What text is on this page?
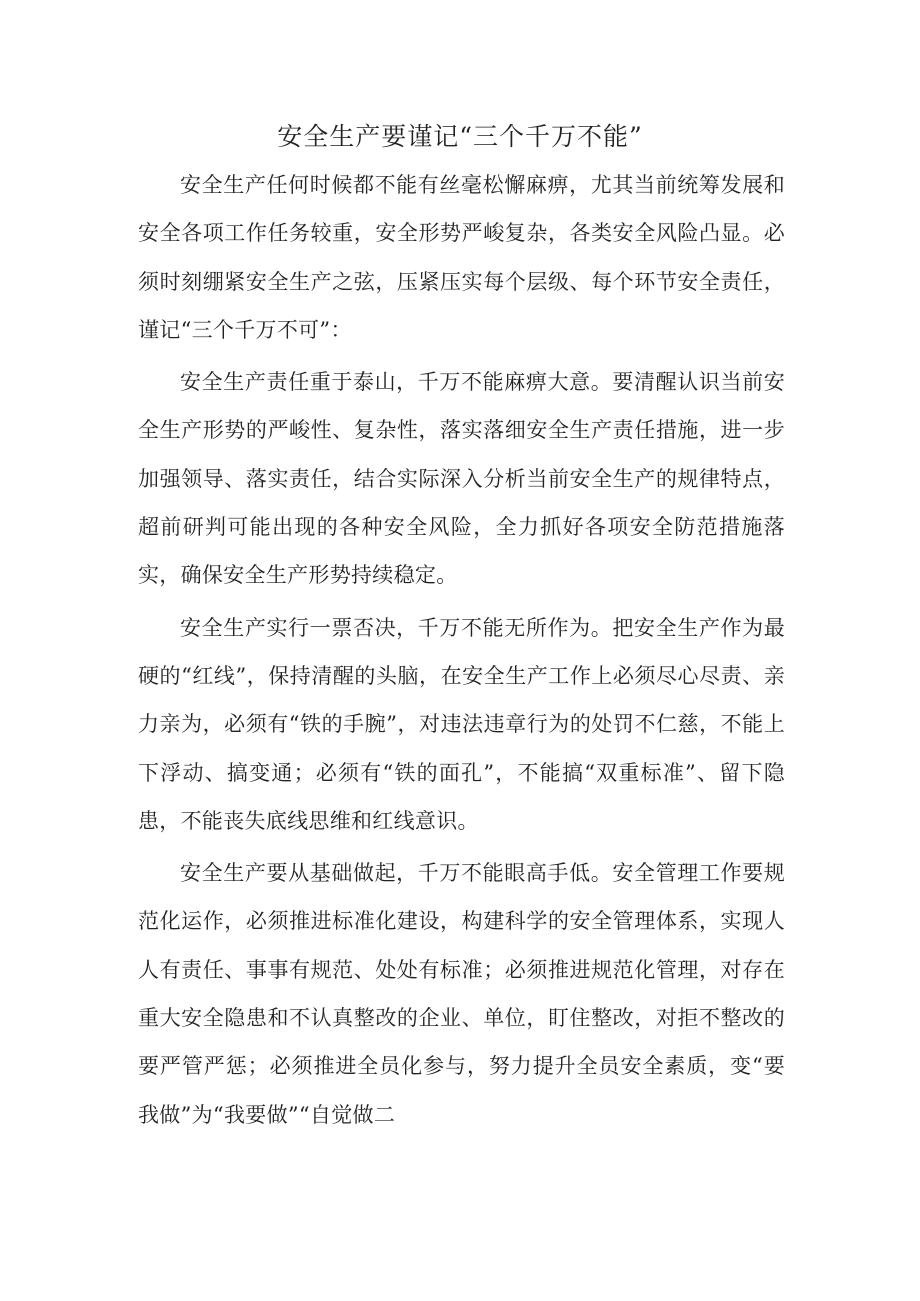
安全生产要谨记“三个千万不能”

安全生产任何时候都不能有丝毫松懈麻痹，尤其当前统筹发展和安全各项工作任务较重，安全形势严峻复杂，各类安全风险凸显。必须时刻绷紧安全生产之弦，压紧压实每个层级、每个环节安全责任，谨记“三个千万不可”：

安全生产责任重于泰山，千万不能麻痹大意。要清醒认识当前安全生产形势的严峻性、复杂性，落实落细安全生产责任措施，进一步加强领导、落实责任，结合实际深入分析当前安全生产的规律特点，超前研判可能出现的各种安全风险，全力抓好各项安全防范措施落实，确保安全生产形势持续稳定。

安全生产实行一票否决，千万不能无所作为。把安全生产作为最硬的“红线”，保持清醒的头脑，在安全生产工作上必须尽心尽责、亲力亲为，必须有“铁的手腕”，对违法违章行为的处罚不仁慈，不能上下浮动、搞变通；必须有“铁的面孔”，不能搞“双重标准”、留下隐患，不能丧失底线思维和红线意识。

安全生产要从基础做起，千万不能眼高手低。安全管理工作要规范化运作，必须推进标准化建设，构建科学的安全管理体系，实现人人有责任、事事有规范、处处有标准；必须推进规范化管理，对存在重大安全隐患和不认真整改的企业、单位，盯住整改，对拒不整改的要严管严惩；必须推进全员化参与，努力提升全员安全素质，变“要我做”为“我要做”“自觉做二
